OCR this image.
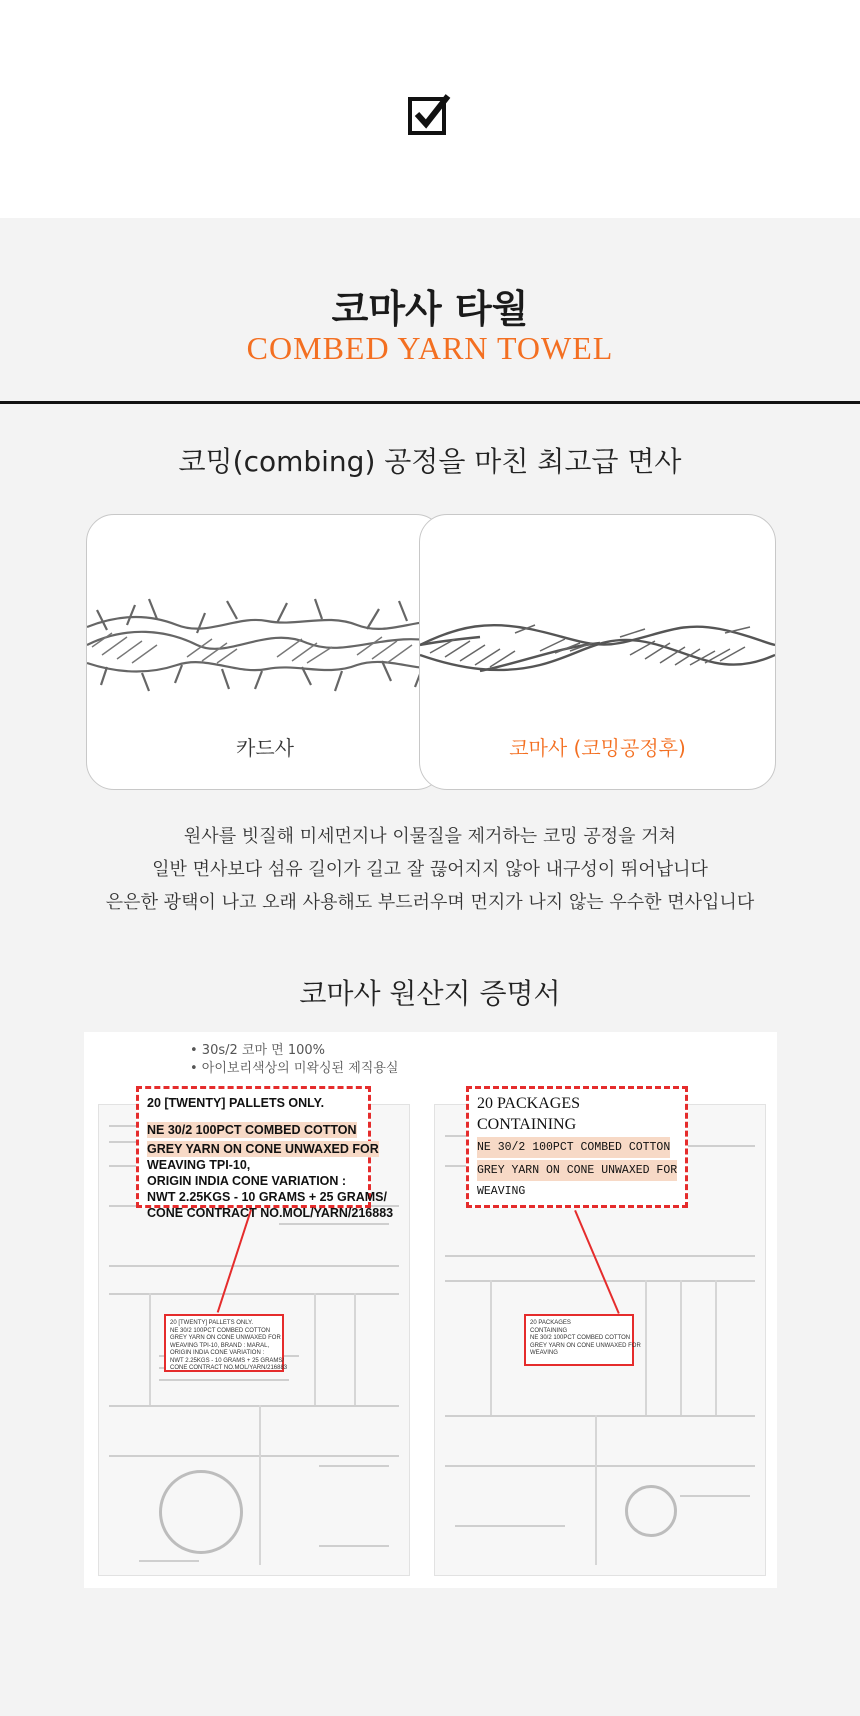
코마사 타월
COMBED YARN TOWEL
코밍(combing) 공정을 마친 최고급 면사
카드사	코마사 (코밍공정후)
원사를 빗질해 미세먼지나 이물질을 제거하는 코밍 공정을 거쳐
일반 면사보다 섬유 길이가 길고 잘 끊어지지 않아 내구성이 뛰어납니다
은은한 광택이 나고 오래 사용해도 부드러우며 먼지가 나지 않는 우수한 면사입니다
코마사 원산지 증명서
• 30s/2 코마 면 100%
• 아이보리색상의 미왁싱된 제직용실
20 [TWENTY] PALLETS ONLY.
NE 30/2 100PCT COMBED COTTON
GREY YARN ON CONE UNWAXED FOR
WEAVING TPI-10, BRAND : MARAL,
ORIGIN INDIA CONE VARIATION :
NWT 2.25KGS - 10 GRAMS + 25 GRAMS/
CONE CONTRACT NO.MOL/YARN/216883
20 PACKAGES
CONTAINING
NE 30/2 100PCT COMBED COTTON
GREY YARN ON CONE UNWAXED FOR
WEAVING
20 [TWENTY] PALLETS ONLY.
NE 30/2 100PCT COMBED COTTON GREY YARN ON CONE UNWAXED FOR
WEAVING TPI-10,
ORIGIN INDIA CONE VARIATION :
NWT 2.25KGS - 10 GRAMS + 25 GRAMS/
CONE CONTRACT NO.MOL/YARN/216883
20 PACKAGES
CONTAINING
NE 30/2 100PCT COMBED COTTON GREY YARN ON CONE UNWAXED FOR
WEAVING
